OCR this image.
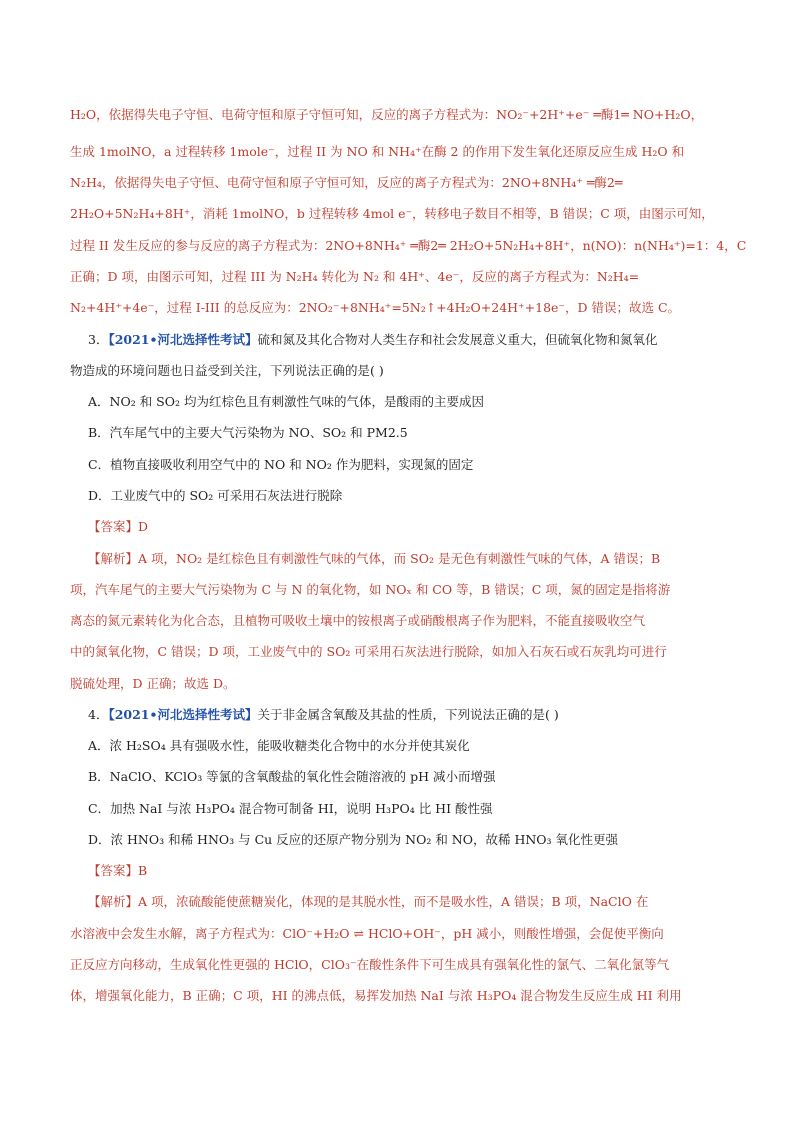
H₂O，依据得失电子守恒、电荷守恒和原子守恒可知，反应的离子方程式为：NO₂⁻+2H⁺+e⁻ ═酶1═ NO+H₂O，
生成 1molNO，a 过程转移 1mole⁻，过程 II 为 NO 和 NH₄⁺在酶 2 的作用下发生氧化还原反应生成 H₂O 和
N₂H₄，依据得失电子守恒、电荷守恒和原子守恒可知，反应的离子方程式为：2NO+8NH₄⁺ ═酶2═
2H₂O+5N₂H₄+8H⁺，消耗 1molNO，b 过程转移 4mol e⁻，转移电子数目不相等，B 错误；C 项，由图示可知，
过程 II 发生反应的参与反应的离子方程式为：2NO+8NH₄⁺ ═酶2═ 2H₂O+5N₂H₄+8H⁺，n(NO)：n(NH₄⁺)=1：4，C
正确；D 项，由图示可知，过程 III 为 N₂H₄ 转化为 N₂ 和 4H⁺、4e⁻，反应的离子方程式为：N₂H₄=
N₂+4H⁺+4e⁻，过程 I-III 的总反应为：2NO₂⁻+8NH₄⁺=5N₂↑+4H₂O+24H⁺+18e⁻，D 错误；故选 C。
3．【2021•河北选择性考试】硫和氮及其化合物对人类生存和社会发展意义重大，但硫氧化物和氮氧化
物造成的环境问题也日益受到关注，下列说法正确的是( )
A．NO₂ 和 SO₂ 均为红棕色且有刺激性气味的气体，是酸雨的主要成因
B．汽车尾气中的主要大气污染物为 NO、SO₂ 和 PM2.5
C．植物直接吸收利用空气中的 NO 和 NO₂ 作为肥料，实现氮的固定
D．工业废气中的 SO₂ 可采用石灰法进行脱除
【答案】D
【解析】A 项，NO₂ 是红棕色且有刺激性气味的气体，而 SO₂ 是无色有刺激性气味的气体，A 错误；B
项，汽车尾气的主要大气污染物为 C 与 N 的氧化物，如 NOₓ 和 CO 等，B 错误；C 项，氮的固定是指将游
离态的氮元素转化为化合态，且植物可吸收土壤中的铵根离子或硝酸根离子作为肥料，不能直接吸收空气
中的氮氧化物，C 错误；D 项，工业废气中的 SO₂ 可采用石灰法进行脱除，如加入石灰石或石灰乳均可进行
脱硫处理，D 正确；故选 D。
4．【2021•河北选择性考试】关于非金属含氧酸及其盐的性质，下列说法正确的是( )
A．浓 H₂SO₄ 具有强吸水性，能吸收糖类化合物中的水分并使其炭化
B．NaClO、KClO₃ 等氯的含氧酸盐的氧化性会随溶液的 pH 减小而增强
C．加热 NaI 与浓 H₃PO₄ 混合物可制备 HI，说明 H₃PO₄ 比 HI 酸性强
D．浓 HNO₃ 和稀 HNO₃ 与 Cu 反应的还原产物分别为 NO₂ 和 NO，故稀 HNO₃ 氧化性更强
【答案】B
【解析】A 项，浓硫酸能使蔗糖炭化，体现的是其脱水性，而不是吸水性，A 错误；B 项，NaClO 在
水溶液中会发生水解，离子方程式为：ClO⁻+H₂O ⇌ HClO+OH⁻，pH 减小，则酸性增强，会促使平衡向
正反应方向移动，生成氧化性更强的 HClO，ClO₃⁻在酸性条件下可生成具有强氧化性的氯气、二氧化氯等气
体，增强氧化能力，B 正确；C 项，HI 的沸点低，易挥发加热 NaI 与浓 H₃PO₄ 混合物发生反应生成 HI 利用
